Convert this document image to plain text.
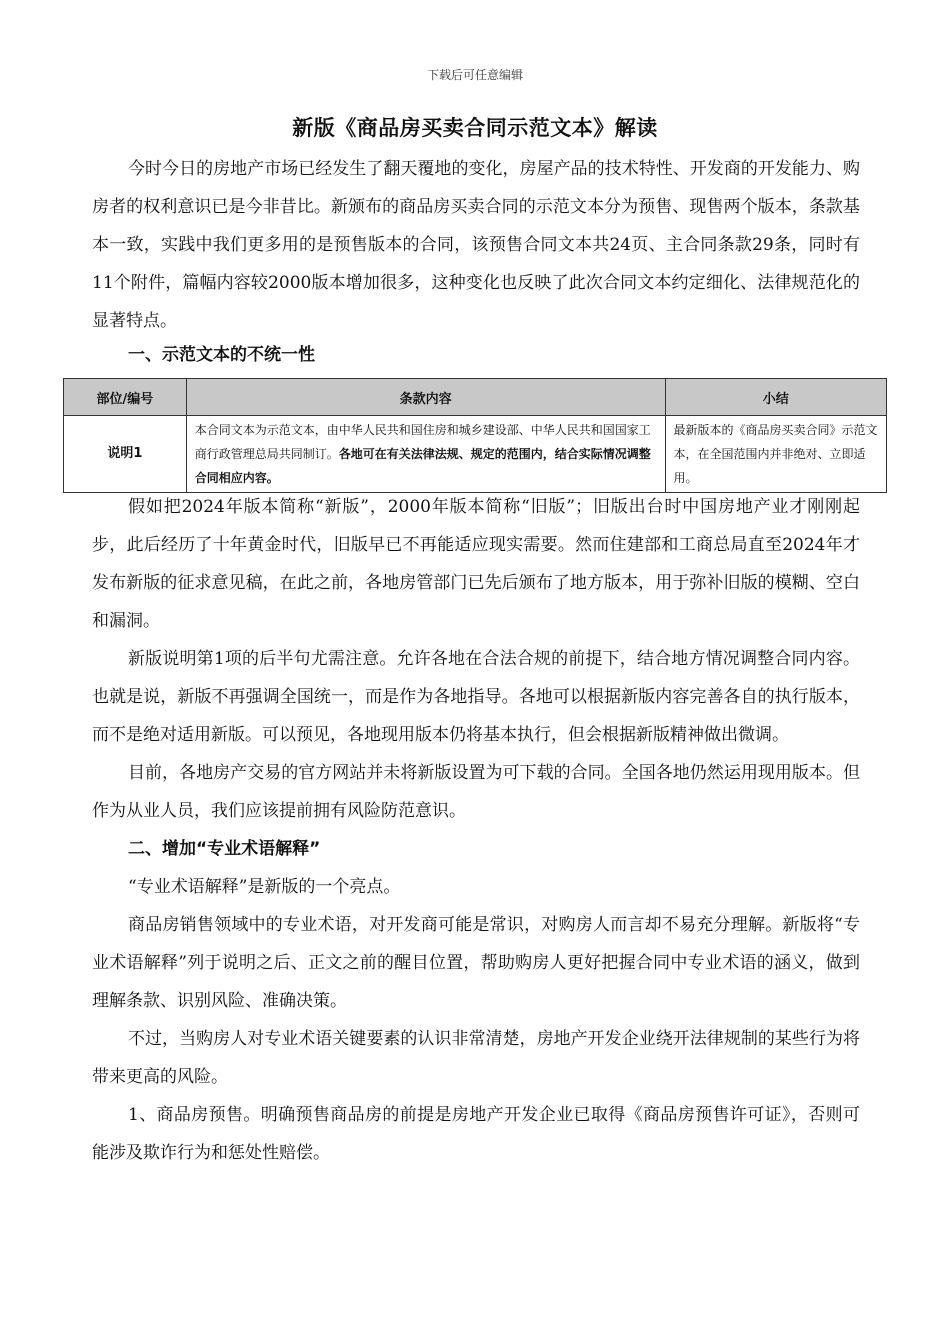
下载后可任意编辑
新版《商品房买卖合同示范文本》解读

今时今日的房地产市场已经发生了翻天覆地的变化，房屋产品的技术特性、开发商的开发能力、购房者的权利意识已是今非昔比。新颁布的商品房买卖合同的示范文本分为预售、现售两个版本，条款基本一致，实践中我们更多用的是预售版本的合同，该预售合同文本共24页、主合同条款29条，同时有11个附件，篇幅内容较2000版本增加很多，这种变化也反映了此次合同文本约定细化、法律规范化的显著特点。

一、示范文本的不统一性

部位/编号	条款内容	小结
说明1	本合同文本为示范文本，由中华人民共和国住房和城乡建设部、中华人民共和国国家工商行政管理总局共同制订。各地可在有关法律法规、规定的范围内，结合实际情况调整合同相应内容。	最新版本的《商品房买卖合同》示范文本，在全国范围内并非绝对、立即适用。

假如把2024年版本简称“新版”，2000年版本简称“旧版”；旧版出台时中国房地产业才刚刚起步，此后经历了十年黄金时代，旧版早已不再能适应现实需要。然而住建部和工商总局直至2024年才发布新版的征求意见稿，在此之前，各地房管部门已先后颁布了地方版本，用于弥补旧版的模糊、空白和漏洞。

新版说明第1项的后半句尤需注意。允许各地在合法合规的前提下，结合地方情况调整合同内容。也就是说，新版不再强调全国统一，而是作为各地指导。各地可以根据新版内容完善各自的执行版本，而不是绝对适用新版。可以预见，各地现用版本仍将基本执行，但会根据新版精神做出微调。

目前，各地房产交易的官方网站并未将新版设置为可下载的合同。全国各地仍然运用现用版本。但作为从业人员，我们应该提前拥有风险防范意识。

二、增加“专业术语解释”

“专业术语解释”是新版的一个亮点。

商品房销售领域中的专业术语，对开发商可能是常识，对购房人而言却不易充分理解。新版将“专业术语解释”列于说明之后、正文之前的醒目位置，帮助购房人更好把握合同中专业术语的涵义，做到理解条款、识别风险、准确决策。

不过，当购房人对专业术语关键要素的认识非常清楚，房地产开发企业绕开法律规制的某些行为将带来更高的风险。

1、商品房预售。明确预售商品房的前提是房地产开发企业已取得《商品房预售许可证》，否则可能涉及欺诈行为和惩处性赔偿。
